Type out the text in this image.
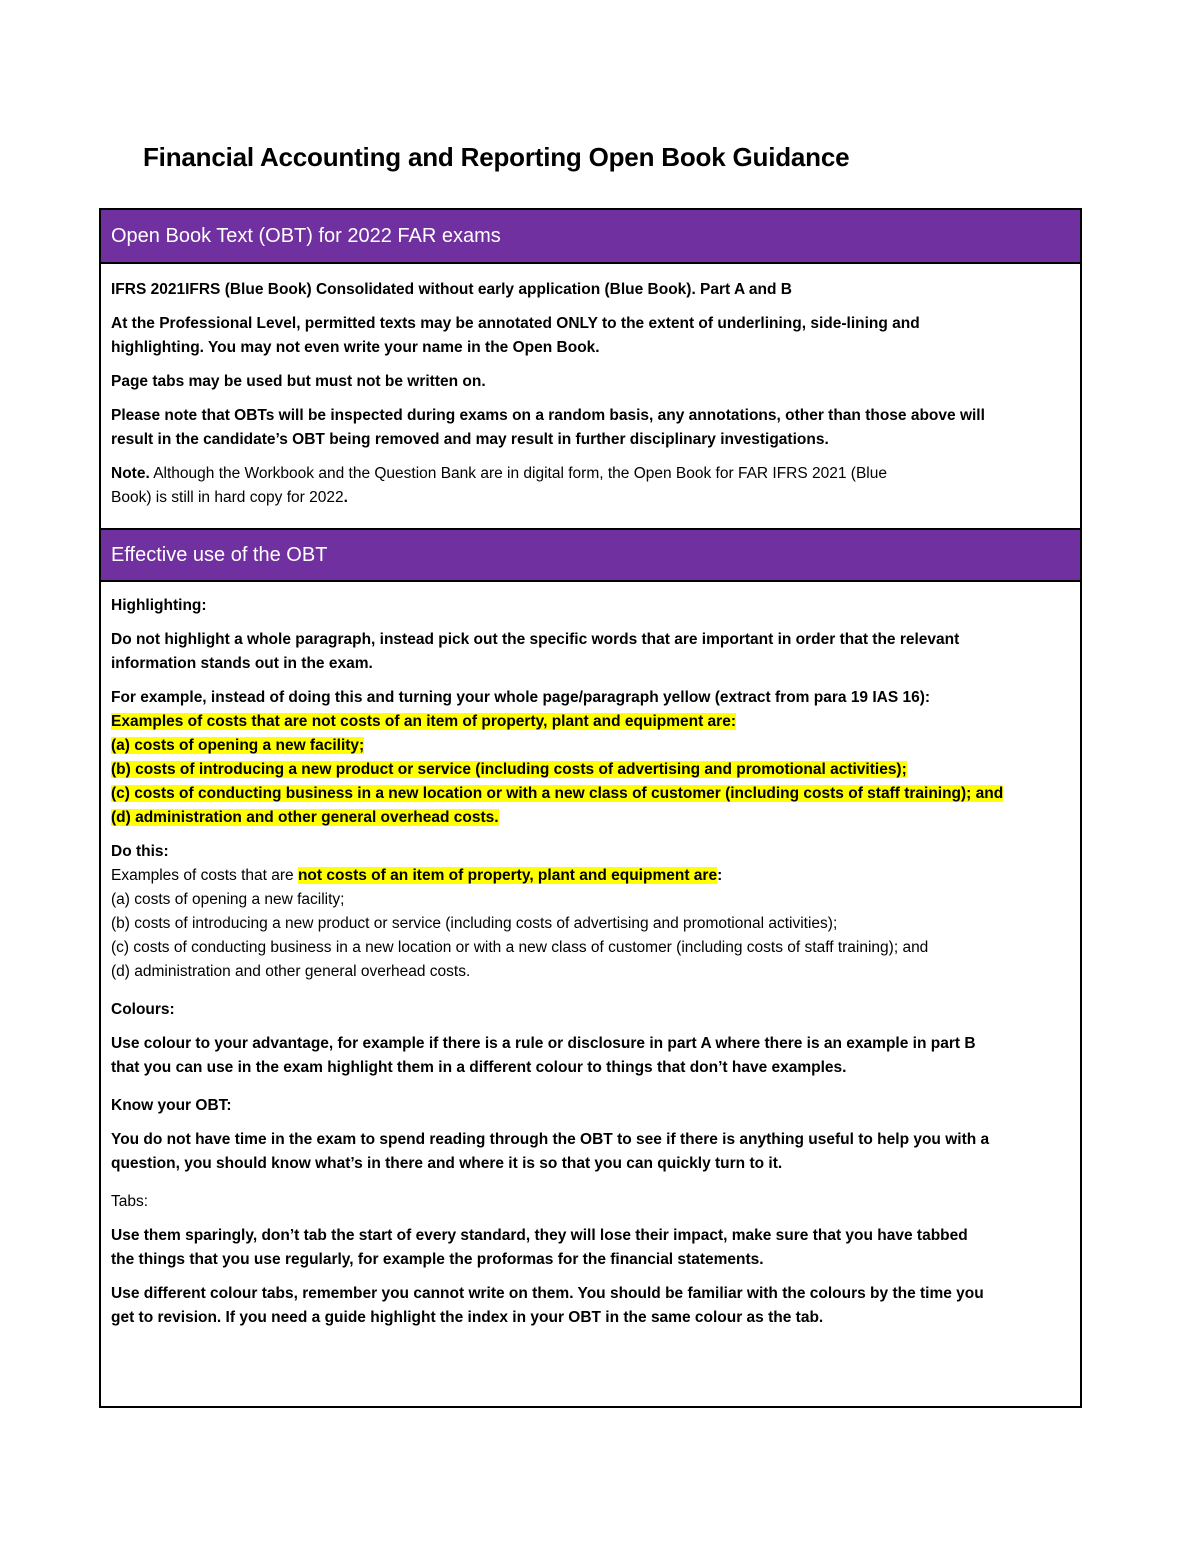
Financial Accounting and Reporting Open Book Guidance
Open Book Text (OBT) for 2022 FAR exams

IFRS 2021IFRS (Blue Book) Consolidated without early application (Blue Book). Part A and B

At the Professional Level, permitted texts may be annotated ONLY to the extent of underlining, side-lining and
highlighting. You may not even write your name in the Open Book.

Page tabs may be used but must not be written on.

Please note that OBTs will be inspected during exams on a random basis, any annotations, other than those above will
result in the candidate’s OBT being removed and may result in further disciplinary investigations.

Note. Although the Workbook and the Question Bank are in digital form, the Open Book for FAR IFRS 2021 (Blue
Book) is still in hard copy for 2022.

Effective use of the OBT

Highlighting:

Do not highlight a whole paragraph, instead pick out the specific words that are important in order that the relevant
information stands out in the exam.

For example, instead of doing this and turning your whole page/paragraph yellow (extract from para 19 IAS 16):
Examples of costs that are not costs of an item of property, plant and equipment are:
(a) costs of opening a new facility;
(b) costs of introducing a new product or service (including costs of advertising and promotional activities);
(c) costs of conducting business in a new location or with a new class of customer (including costs of staff training); and
(d) administration and other general overhead costs.

Do this:
Examples of costs that are not costs of an item of property, plant and equipment are:
(a) costs of opening a new facility;
(b) costs of introducing a new product or service (including costs of advertising and promotional activities);
(c) costs of conducting business in a new location or with a new class of customer (including costs of staff training); and
(d) administration and other general overhead costs.

Colours:

Use colour to your advantage, for example if there is a rule or disclosure in part A where there is an example in part B
that you can use in the exam highlight them in a different colour to things that don’t have examples.

Know your OBT:

You do not have time in the exam to spend reading through the OBT to see if there is anything useful to help you with a
question, you should know what’s in there and where it is so that you can quickly turn to it.

Tabs:

Use them sparingly, don’t tab the start of every standard, they will lose their impact, make sure that you have tabbed
the things that you use regularly, for example the proformas for the financial statements.

Use different colour tabs, remember you cannot write on them. You should be familiar with the colours by the time you
get to revision. If you need a guide highlight the index in your OBT in the same colour as the tab.
